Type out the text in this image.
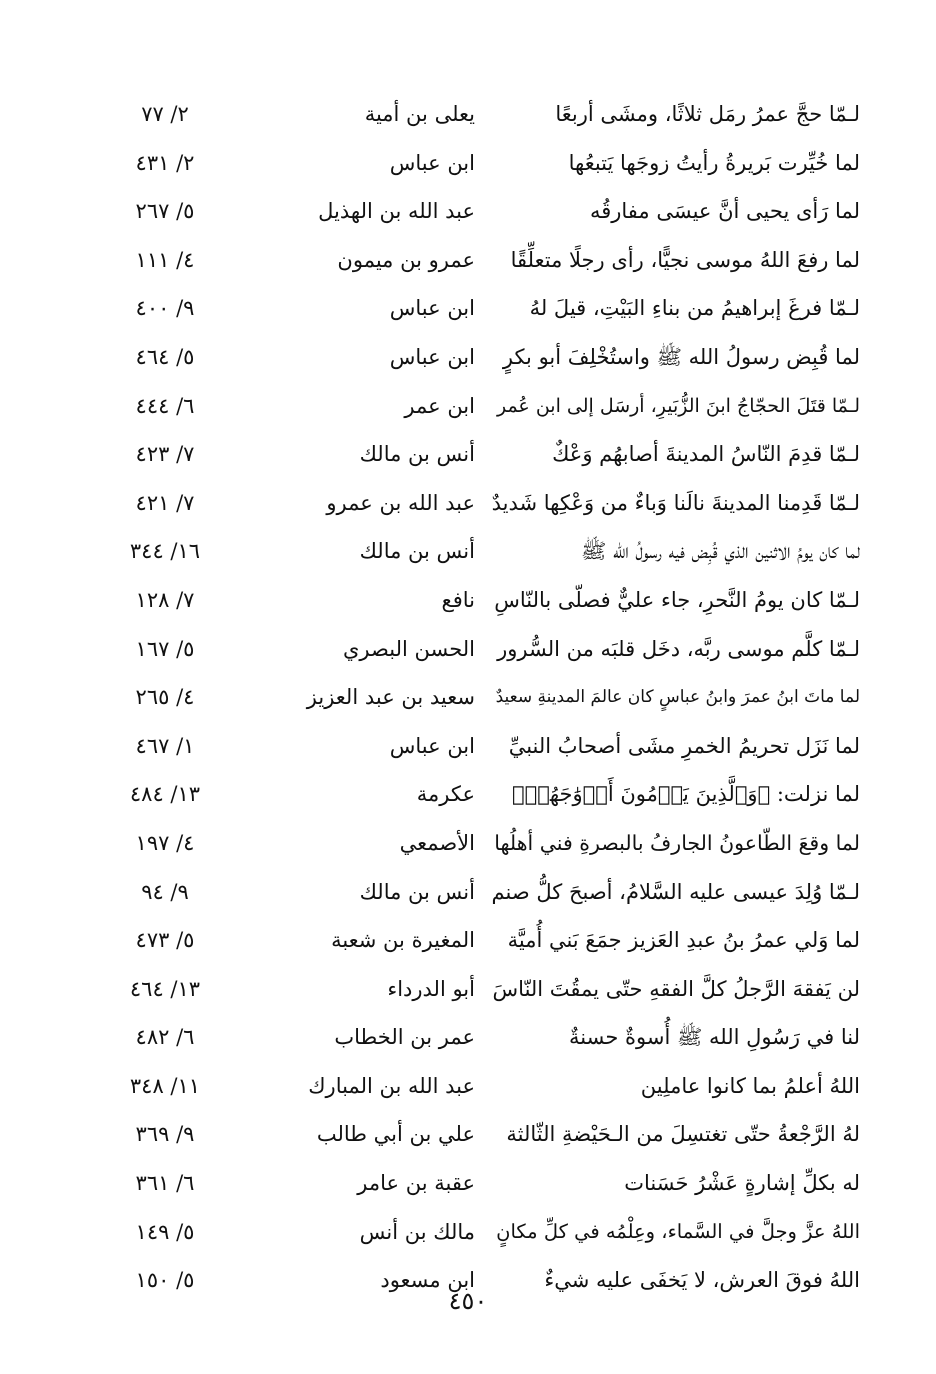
لـمّا حجَّ عمرُ رمَل ثلاثًا، ومشَى أربعًا
يعلى بن أمية
٢/ ٧٧
لما خُيِّرت بَريرةُ رأيتُ زوجَها يَتبعُها
ابن عباس
٢/ ٤٣١
لما رَأى يحيى أنَّ عيسَى مفارقُه
عبد الله بن الهذيل
٥/ ٢٦٧
لما رفعَ اللهُ موسى نجيًّا، رأى رجلًا متعلِّقًا
عمرو بن ميمون
٤/ ١١١
لـمّا فرغَ إبراهيمُ من بناءِ البَيْتِ، قيلَ لهُ
ابن عباس
٩/ ٤٠٠
لما قُبِض رسولُ الله ﷺ واستُخْلِفَ أبو بكرٍ
ابن عباس
٥/ ٤٦٤
لـمّا قتَلَ الحجّاجُ ابنَ الزُّبَيرِ، أرسَل إلى ابن عُمر
ابن عمر
٦/ ٤٤٤
لـمّا قدِمَ النّاسُ المدينةَ أصابهُم وَعْكٌ
أنس بن مالك
٧/ ٤٢٣
لـمّا قَدِمنا المدينةَ نالَنا وَباءٌ من وَعْكِها شَديدٌ
عبد الله بن عمرو
٧/ ٤٢١
لما كان يومُ الاثنين الذي قُبِض فيه رسولُ الله ﷺ
أنس بن مالك
١٦/ ٣٤٤
لـمّا كان يومُ النَّحرِ، جاء عليٌّ فصلّى بالنّاسِ
نافع
٧/ ١٢٨
لـمّا كلَّم موسى ربَّه، دخَل قلبَه من السُّرور
الحسن البصري
٥/ ١٦٧
لما ماتَ ابنُ عمرَ وابنُ عباسٍ كان عالمَ المدينةِ سعيدٌ
سعيد بن عبد العزيز
٤/ ٢٦٥
لما نَزَل تحريمُ الخمرِ مشَى أصحابُ النبيِّ
ابن عباس
١/ ٤٦٧
لما نزلت: ﴿وَٱلَّذِينَ يَرۡمُونَ أَزۡوَٰجَهُمۡ﴾
عكرمة
١٣/ ٤٨٤
لما وقعَ الطّاعونُ الجارفُ بالبصرةِ فني أهلُها
الأصمعي
٤/ ١٩٧
لـمّا وُلِدَ عيسى عليه السَّلامُ، أصبحَ كلُّ صنم
أنس بن مالك
٩/ ٩٤
لما وَلي عمرُ بنُ عبدِ العَزيز جمَعَ بَني أُميَّة
المغيرة بن شعبة
٥/ ٤٧٣
لن يَفقهَ الرَّجلُ كلَّ الفقهِ حتّى يمقُتَ النّاسَ
أبو الدرداء
١٣/ ٤٦٤
لنا في رَسُولِ الله ﷺ أُسوةٌ حسنةٌ
عمر بن الخطاب
٦/ ٤٨٢
اللهُ أعلمُ بما كانوا عاملِين
عبد الله بن المبارك
١١/ ٣٤٨
لهُ الرَّجْعةُ حتّى تغتسِلَ من الـحَيْضةِ الثّالثة
علي بن أبي طالب
٩/ ٣٦٩
له بكلِّ إشارةٍ عَشْرُ حَسَنات
عقبة بن عامر
٦/ ٣٦١
اللهُ عزَّ وجلَّ في السَّماء، وعِلْمُه في كلِّ مكانٍ
مالك بن أنس
٥/ ١٤٩
اللهُ فوقَ العرش، لا يَخفَى عليه شيءٌ
ابن مسعود
٥/ ١٥٠
٤٥٠
